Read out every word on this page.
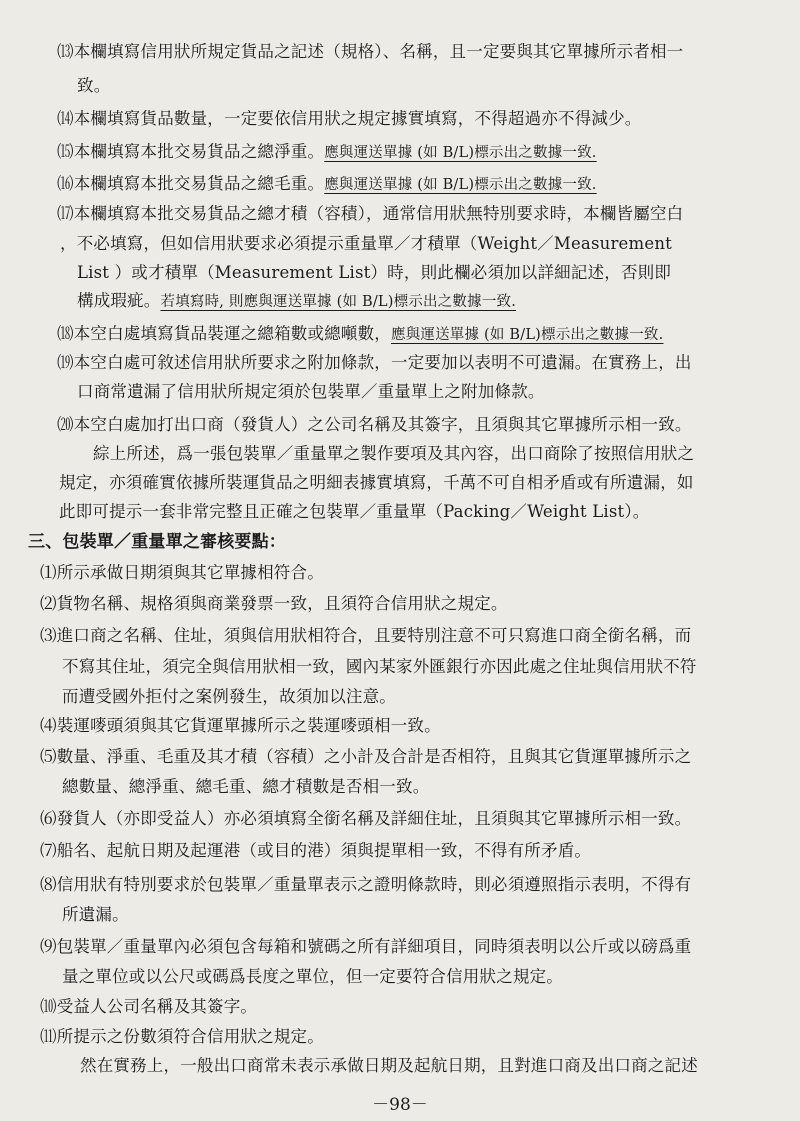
⒀本欄填寫信用狀所規定貨品之記述（規格）、名稱，且一定要與其它單據所示者相一

致。

⒁本欄填寫貨品數量，一定要依信用狀之規定據實填寫，不得超過亦不得減少。

⒂本欄填寫本批交易貨品之總淨重。應與運送單據 (如 B/L)標示出之數據一致.

⒃本欄填寫本批交易貨品之總毛重。應與運送單據 (如 B/L)標示出之數據一致.

⒄本欄填寫本批交易貨品之總才積（容積），通常信用狀無特別要求時，本欄皆屬空白

，不必填寫，但如信用狀要求必須提示重量單／才積單（Weight／Measurement

List ）或才積單（Measurement List）時，則此欄必須加以詳細記述，否則即

構成瑕疵。若填寫時, 則應與運送單據 (如 B/L)標示出之數據一致.

⒅本空白處填寫貨品裝運之總箱數或總噸數，應與運送單據 (如 B/L)標示出之數據一致.

⒆本空白處可敘述信用狀所要求之附加條款，一定要加以表明不可遺漏。在實務上，出

口商常遺漏了信用狀所規定須於包裝單／重量單上之附加條款。

⒇本空白處加打出口商（發貨人）之公司名稱及其簽字，且須與其它單據所示相一致。

綜上所述，爲一張包裝單／重量單之製作要項及其內容，出口商除了按照信用狀之

規定，亦須確實依據所裝運貨品之明細表據實填寫，千萬不可自相矛盾或有所遺漏，如

此即可提示一套非常完整且正確之包裝單／重量單（Packing／Weight List）。

三、包裝單／重量單之審核要點：

⑴所示承做日期須與其它單據相符合。

⑵貨物名稱、規格須與商業發票一致，且須符合信用狀之規定。

⑶進口商之名稱、住址，須與信用狀相符合，且要特別注意不可只寫進口商全銜名稱，而

不寫其住址，須完全與信用狀相一致，國內某家外匯銀行亦因此處之住址與信用狀不符

而遭受國外拒付之案例發生，故須加以注意。

⑷裝運嘜頭須與其它貨運單據所示之裝運嘜頭相一致。

⑸數量、淨重、毛重及其才積（容積）之小計及合計是否相符，且與其它貨運單據所示之

總數量、總淨重、總毛重、總才積數是否相一致。

⑹發貨人（亦即受益人）亦必須填寫全銜名稱及詳細住址，且須與其它單據所示相一致。

⑺船名、起航日期及起運港（或目的港）須與提單相一致，不得有所矛盾。

⑻信用狀有特別要求於包裝單／重量單表示之證明條款時，則必須遵照指示表明，不得有

所遺漏。

⑼包裝單／重量單內必須包含每箱和號碼之所有詳細項目，同時須表明以公斤或以磅爲重

量之單位或以公尺或碼爲長度之單位，但一定要符合信用狀之規定。

⑽受益人公司名稱及其簽字。

⑾所提示之份數須符合信用狀之規定。

然在實務上，一般出口商常未表示承做日期及起航日期，且對進口商及出口商之記述

－98－
